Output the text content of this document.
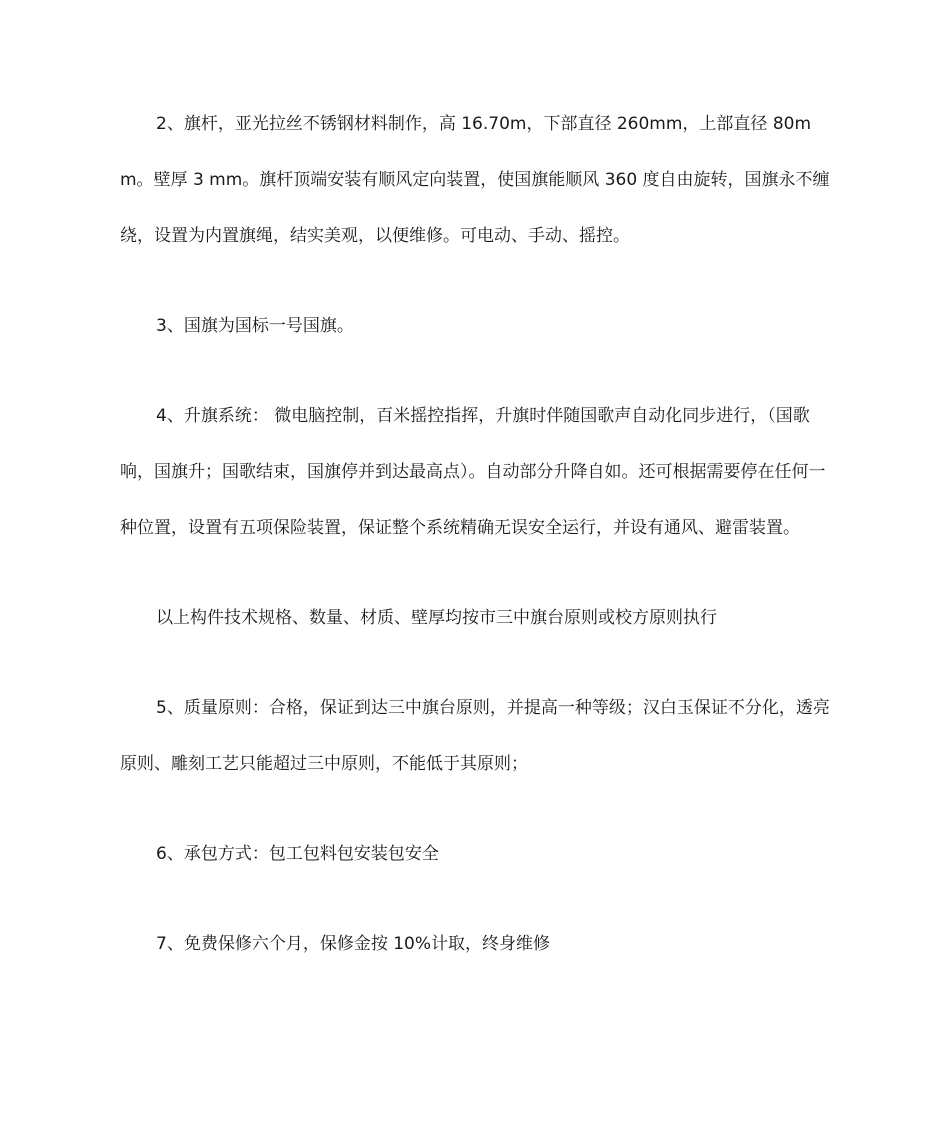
2、旗杆，亚光拉丝不锈钢材料制作，高 16.70m，下部直径 260mm，上部直径 80mm。壁厚 3 mm。旗杆顶端安装有顺风定向装置，使国旗能顺风 360 度自由旋转，国旗永不缠绕，设置为内置旗绳，结实美观，以便维修。可电动、手动、摇控。

3、国旗为国标一号国旗。

4、升旗系统： 微电脑控制，百米摇控指挥，升旗时伴随国歌声自动化同步进行，（国歌响，国旗升；国歌结束，国旗停并到达最高点）。自动部分升降自如。还可根据需要停在任何一种位置，设置有五项保险装置，保证整个系统精确无误安全运行，并设有通风、避雷装置。

以上构件技术规格、数量、材质、壁厚均按市三中旗台原则或校方原则执行

5、质量原则：合格，保证到达三中旗台原则，并提高一种等级；汉白玉保证不分化，透亮原则、雕刻工艺只能超过三中原则，不能低于其原则；

6、承包方式：包工包料包安装包安全

7、免费保修六个月，保修金按 10%计取，终身维修
